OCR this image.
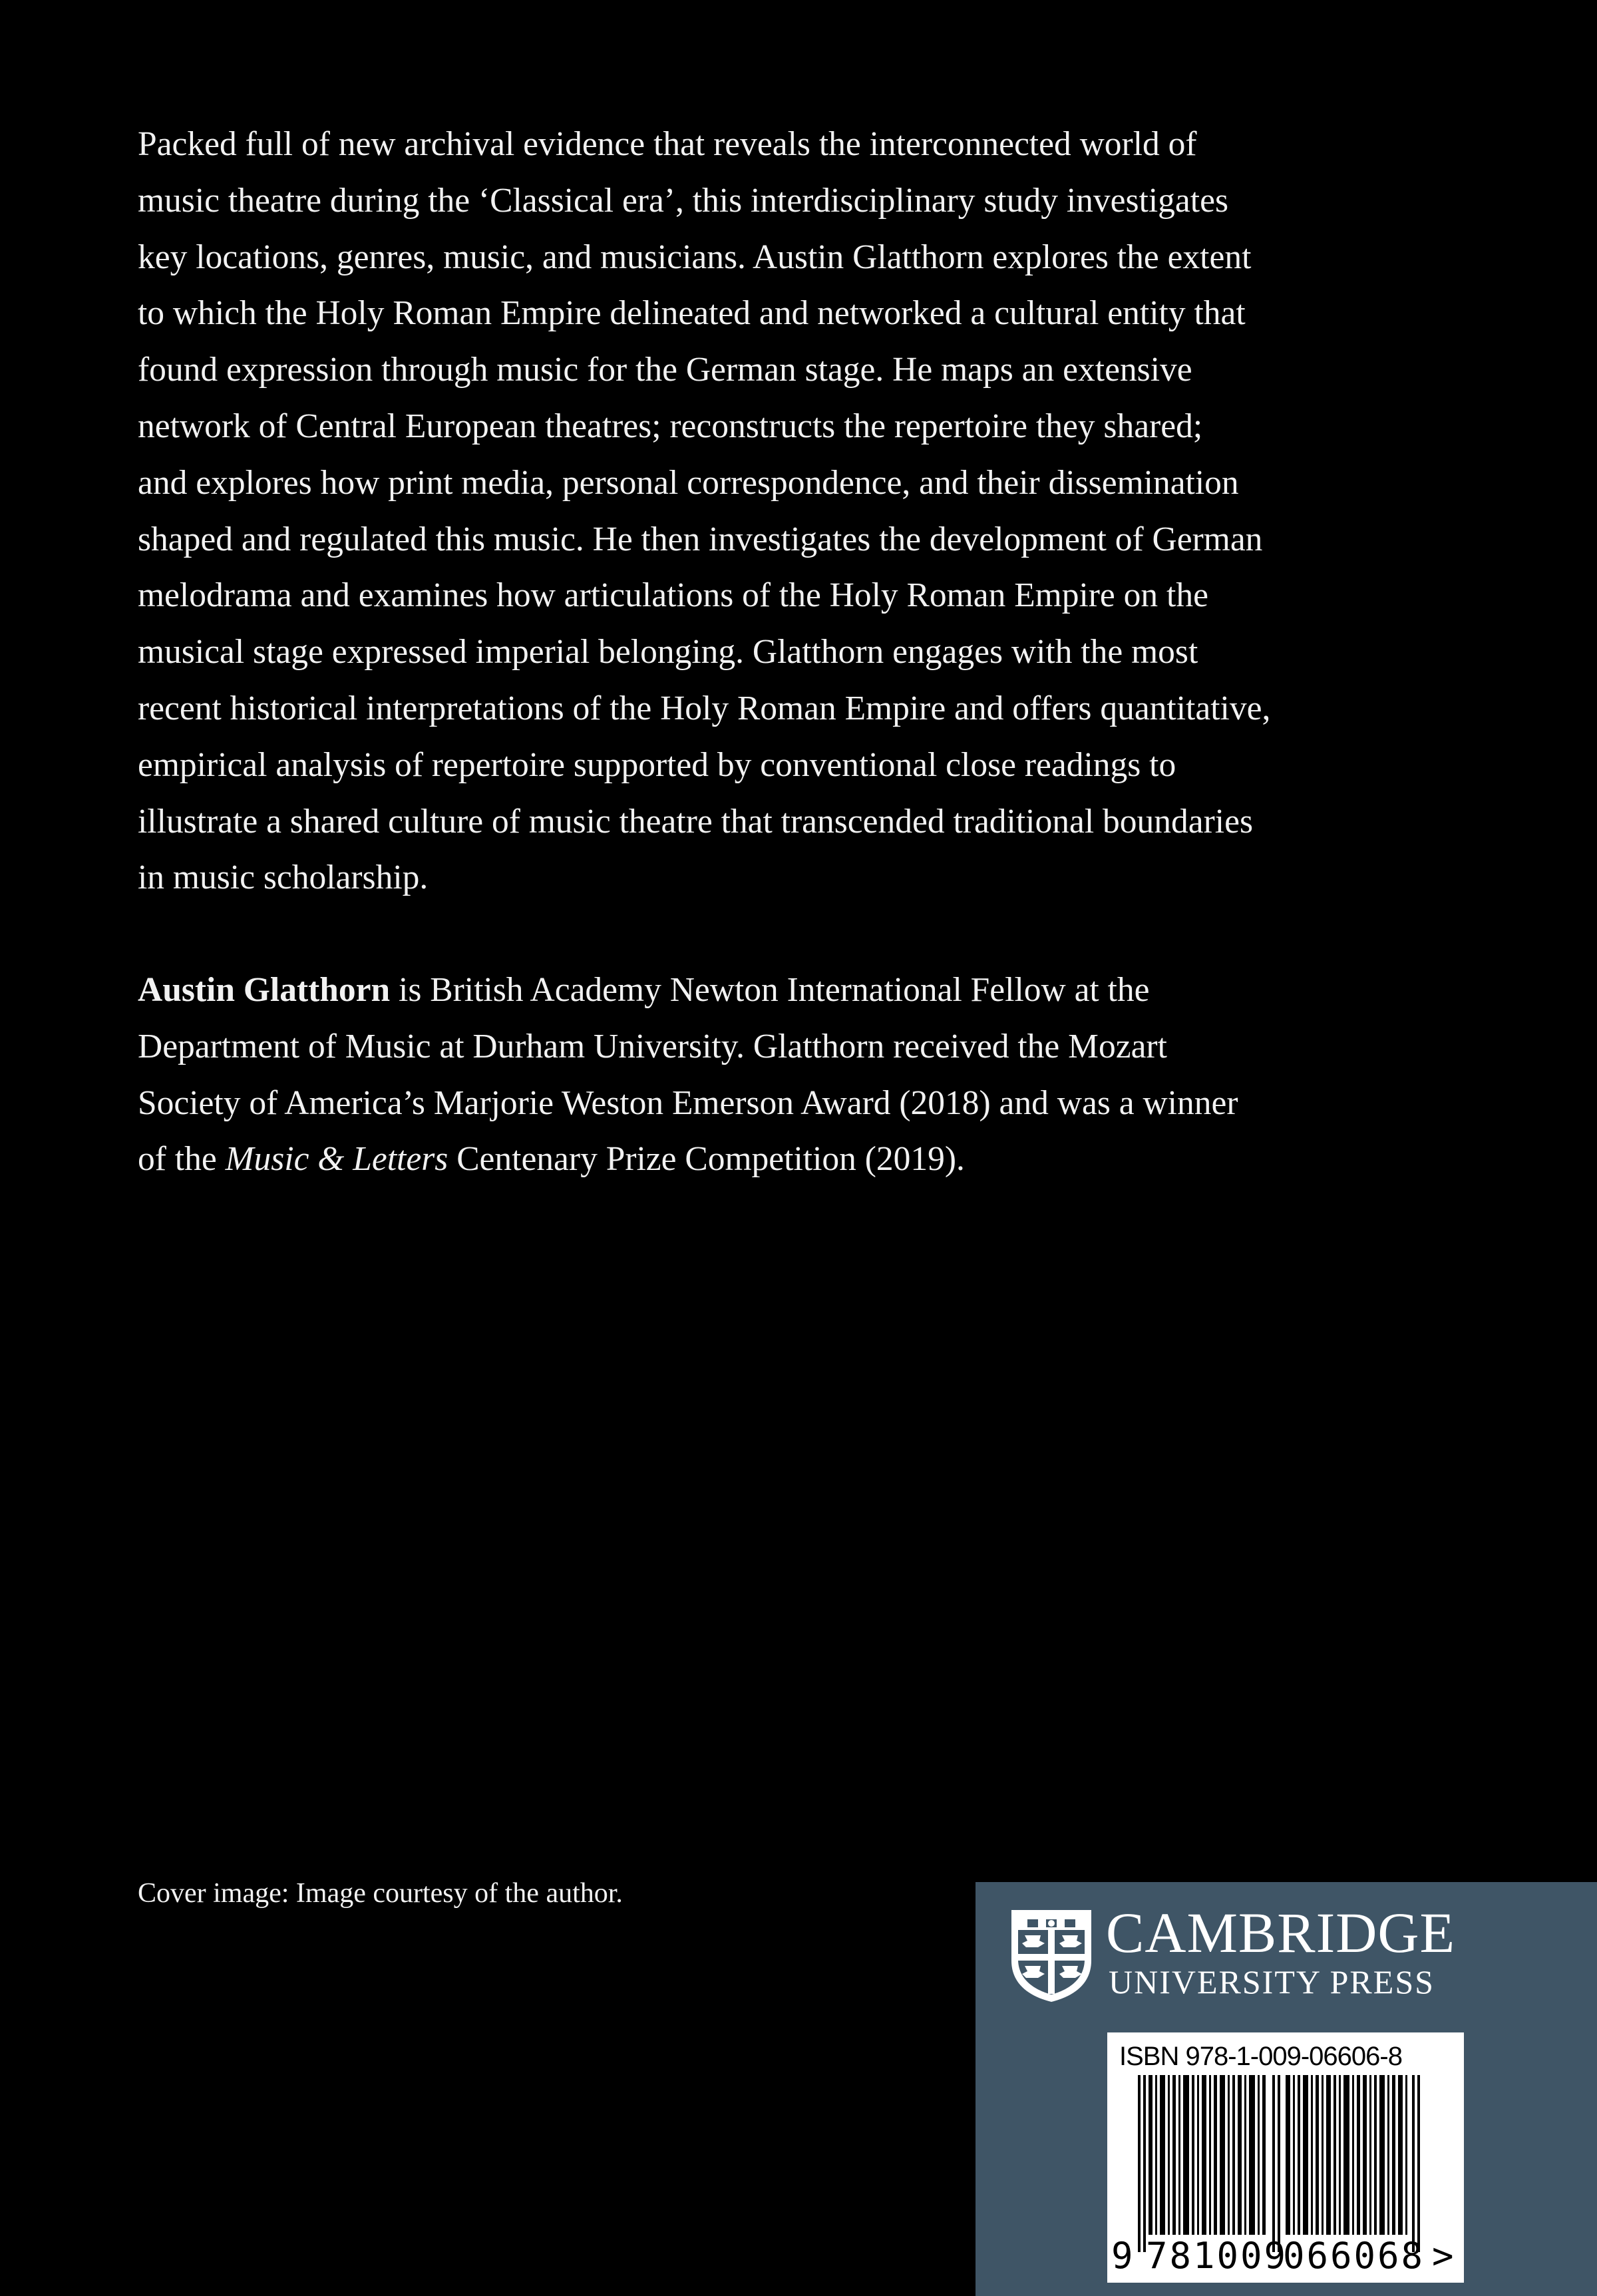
Packed full of new archival evidence that reveals the interconnected world of
music theatre during the ‘Classical era’, this interdisciplinary study investigates
key locations, genres, music, and musicians. Austin Glatthorn explores the extent
to which the Holy Roman Empire delineated and networked a cultural entity that
found expression through music for the German stage. He maps an extensive
network of Central European theatres; reconstructs the repertoire they shared;
and explores how print media, personal correspondence, and their dissemination
shaped and regulated this music. He then investigates the development of German
melodrama and examines how articulations of the Holy Roman Empire on the
musical stage expressed imperial belonging. Glatthorn engages with the most
recent historical interpretations of the Holy Roman Empire and offers quantitative,
empirical analysis of repertoire supported by conventional close readings to
illustrate a shared culture of music theatre that transcended traditional boundaries
in music scholarship.
Austin Glatthorn is British Academy Newton International Fellow at the
Department of Music at Durham University. Glatthorn received the Mozart
Society of America’s Marjorie Weston Emerson Award (2018) and was a winner
of the Music & Letters Centenary Prize Competition (2019).

Cover image: Image courtesy of the author.

CAMBRIDGE

UNIVERSITY PRESS

ISBN 978-1-009-06606-8

9 781009
066068 >
